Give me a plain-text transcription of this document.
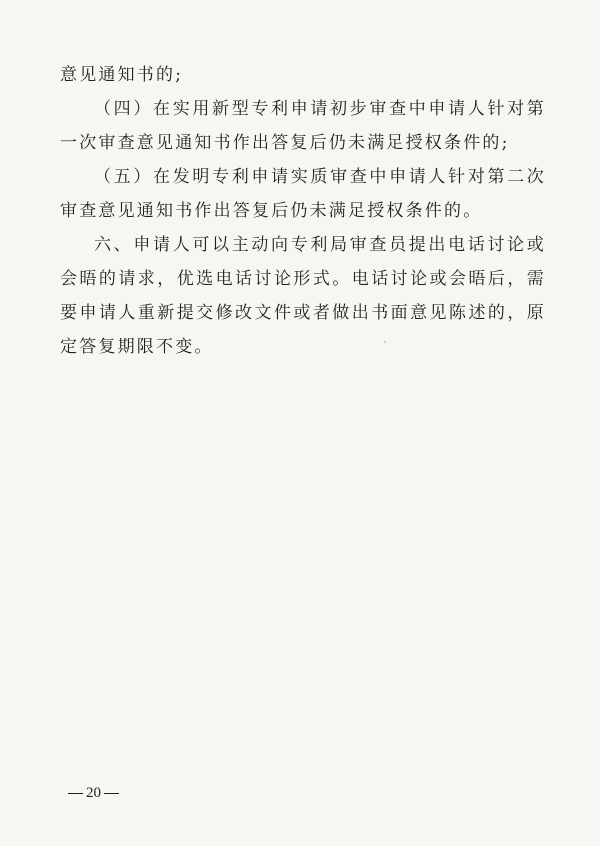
意见通知书的;

（四）在实用新型专利申请初步审查中申请人针对第一次审查意见通知书作出答复后仍未满足授权条件的;

（五）在发明专利申请实质审查中申请人针对第二次审查意见通知书作出答复后仍未满足授权条件的。

六、申请人可以主动向专利局审查员提出电话讨论或会晤的请求，优选电话讨论形式。电话讨论或会晤后，需要申请人重新提交修改文件或者做出书面意见陈述的，原定答复期限不变。

20
